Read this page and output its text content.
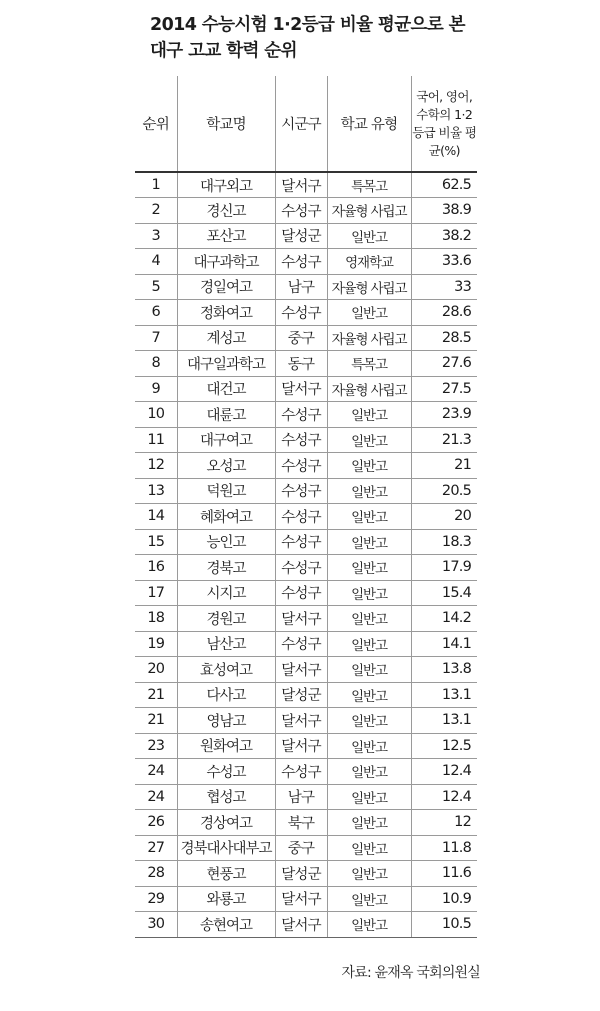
2014 수능시험 1·2등급 비율 평균으로 본
대구 고교 학력 순위
순위	학교명	시군구	학교 유형	국어, 영어, 수학의 1·2 등급 비율 평균(%)
1	대구외고	달서구	특목고	62.5
2	경신고	수성구	자율형 사립고	38.9
3	포산고	달성군	일반고	38.2
4	대구과학고	수성구	영재학교	33.6
5	경일여고	남구	자율형 사립고	33
6	정화여고	수성구	일반고	28.6
7	계성고	중구	자율형 사립고	28.5
8	대구일과학고	동구	특목고	27.6
9	대건고	달서구	자율형 사립고	27.5
10	대륜고	수성구	일반고	23.9
11	대구여고	수성구	일반고	21.3
12	오성고	수성구	일반고	21
13	덕원고	수성구	일반고	20.5
14	혜화여고	수성구	일반고	20
15	능인고	수성구	일반고	18.3
16	경북고	수성구	일반고	17.9
17	시지고	수성구	일반고	15.4
18	경원고	달서구	일반고	14.2
19	남산고	수성구	일반고	14.1
20	효성여고	달서구	일반고	13.8
21	다사고	달성군	일반고	13.1
21	영남고	달서구	일반고	13.1
23	원화여고	달서구	일반고	12.5
24	수성고	수성구	일반고	12.4
24	협성고	남구	일반고	12.4
26	경상여고	북구	일반고	12
27	경북대사대부고	중구	일반고	11.8
28	현풍고	달성군	일반고	11.6
29	와룡고	달서구	일반고	10.9
30	송현여고	달서구	일반고	10.5
자료: 윤재옥 국회의원실
